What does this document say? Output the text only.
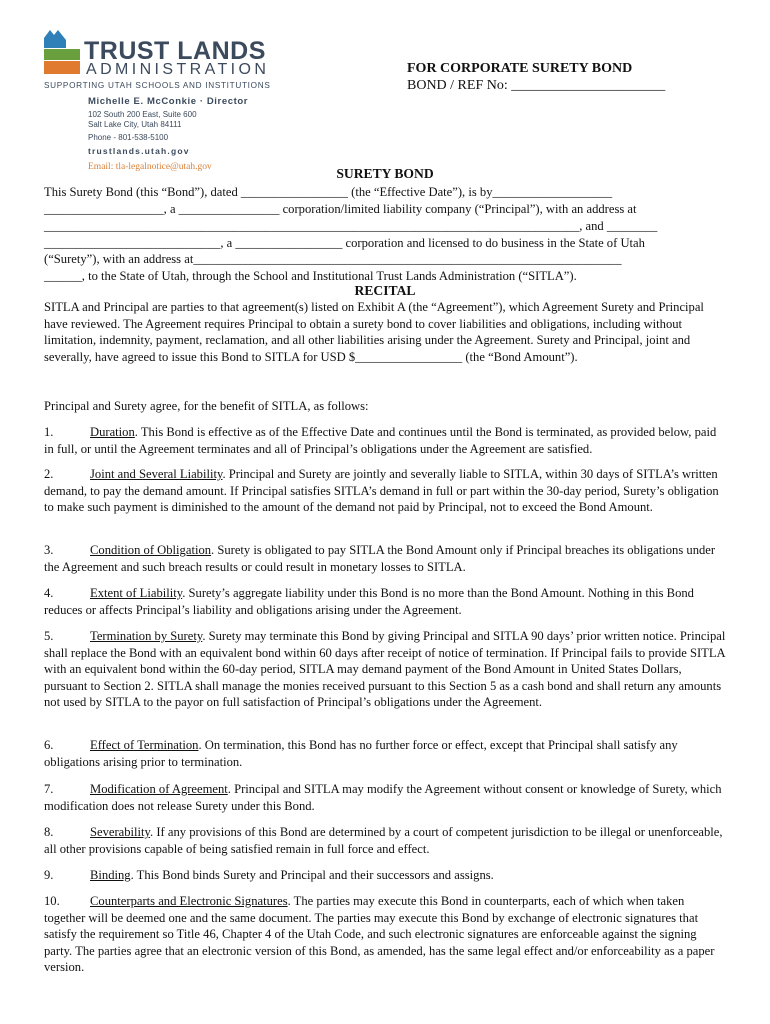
TRUST LANDS
ADMINISTRATION
SUPPORTING UTAH SCHOOLS AND INSTITUTIONS
Michelle E. McConkie · Director
102 South 200 East, Suite 600
Salt Lake City, Utah 84111
Phone - 801-538-5100
trustlands.utah.gov
Email: tla-legalnotice@utah.gov
FOR CORPORATE SURETY BOND
BOND / REF No: ______________________
SURETY BOND
This Surety Bond (this “Bond”), dated _________________ (the “Effective Date”), is by___________________
___________________, a ________________ corporation/limited liability company (“Principal”), with an address at
_____________________________________________________________________________________, and ________
____________________________, a _________________ corporation and licensed to do business in the State of Utah
(“Surety”), with an address at____________________________________________________________________
______, to the State of Utah, through the School and Institutional Trust Lands Administration (“SITLA”).
RECITAL
SITLA and Principal are parties to that agreement(s) listed on Exhibit A (the “Agreement”), which Agreement Surety and Principal have reviewed. The Agreement requires Principal to obtain a surety bond to cover liabilities and obligations, including without limitation, indemnity, payment, reclamation, and all other liabilities arising under the Agreement. Surety and Principal, joint and severally, have agreed to issue this Bond to SITLA for USD $_________________ (the “Bond Amount”).
Principal and Surety agree, for the benefit of SITLA, as follows:
1.	Duration. This Bond is effective as of the Effective Date and continues until the Bond is terminated, as provided below, paid in full, or until the Agreement terminates and all of Principal’s obligations under the Agreement are satisfied.
2.	Joint and Several Liability. Principal and Surety are jointly and severally liable to SITLA, within 30 days of SITLA’s written demand, to pay the demand amount. If Principal satisfies SITLA’s demand in full or part within the 30-day period, Surety’s obligation to make such payment is diminished to the amount of the demand not paid by Principal, not to exceed the Bond Amount.
3.	Condition of Obligation. Surety is obligated to pay SITLA the Bond Amount only if Principal breaches its obligations under the Agreement and such breach results or could result in monetary losses to SITLA.
4.	Extent of Liability. Surety’s aggregate liability under this Bond is no more than the Bond Amount. Nothing in this Bond reduces or affects Principal’s liability and obligations arising under the Agreement.
5.	Termination by Surety. Surety may terminate this Bond by giving Principal and SITLA 90 days’ prior written notice. Principal shall replace the Bond with an equivalent bond within 60 days after receipt of notice of termination. If Principal fails to provide SITLA with an equivalent bond within the 60-day period, SITLA may demand payment of the Bond Amount in United States Dollars, pursuant to Section 2. SITLA shall manage the monies received pursuant to this Section 5 as a cash bond and shall return any amounts not used by SITLA to the payor on full satisfaction of Principal’s obligations under the Agreement.
6.	Effect of Termination. On termination, this Bond has no further force or effect, except that Principal shall satisfy any obligations arising prior to termination.
7.	Modification of Agreement. Principal and SITLA may modify the Agreement without consent or knowledge of Surety, which modification does not release Surety under this Bond.
8.	Severability. If any provisions of this Bond are determined by a court of competent jurisdiction to be illegal or unenforceable, all other provisions capable of being satisfied remain in full force and effect.
9.	Binding. This Bond binds Surety and Principal and their successors and assigns.
10. Counterparts and Electronic Signatures. The parties may execute this Bond in counterparts, each of which when taken together will be deemed one and the same document. The parties may execute this Bond by exchange of electronic signatures that satisfy the requirement so Title 46, Chapter 4 of the Utah Code, and such electronic signatures are enforceable against the signing party. The parties agree that an electronic version of this Bond, as amended, has the same legal effect and/or enforceability as a paper version.
